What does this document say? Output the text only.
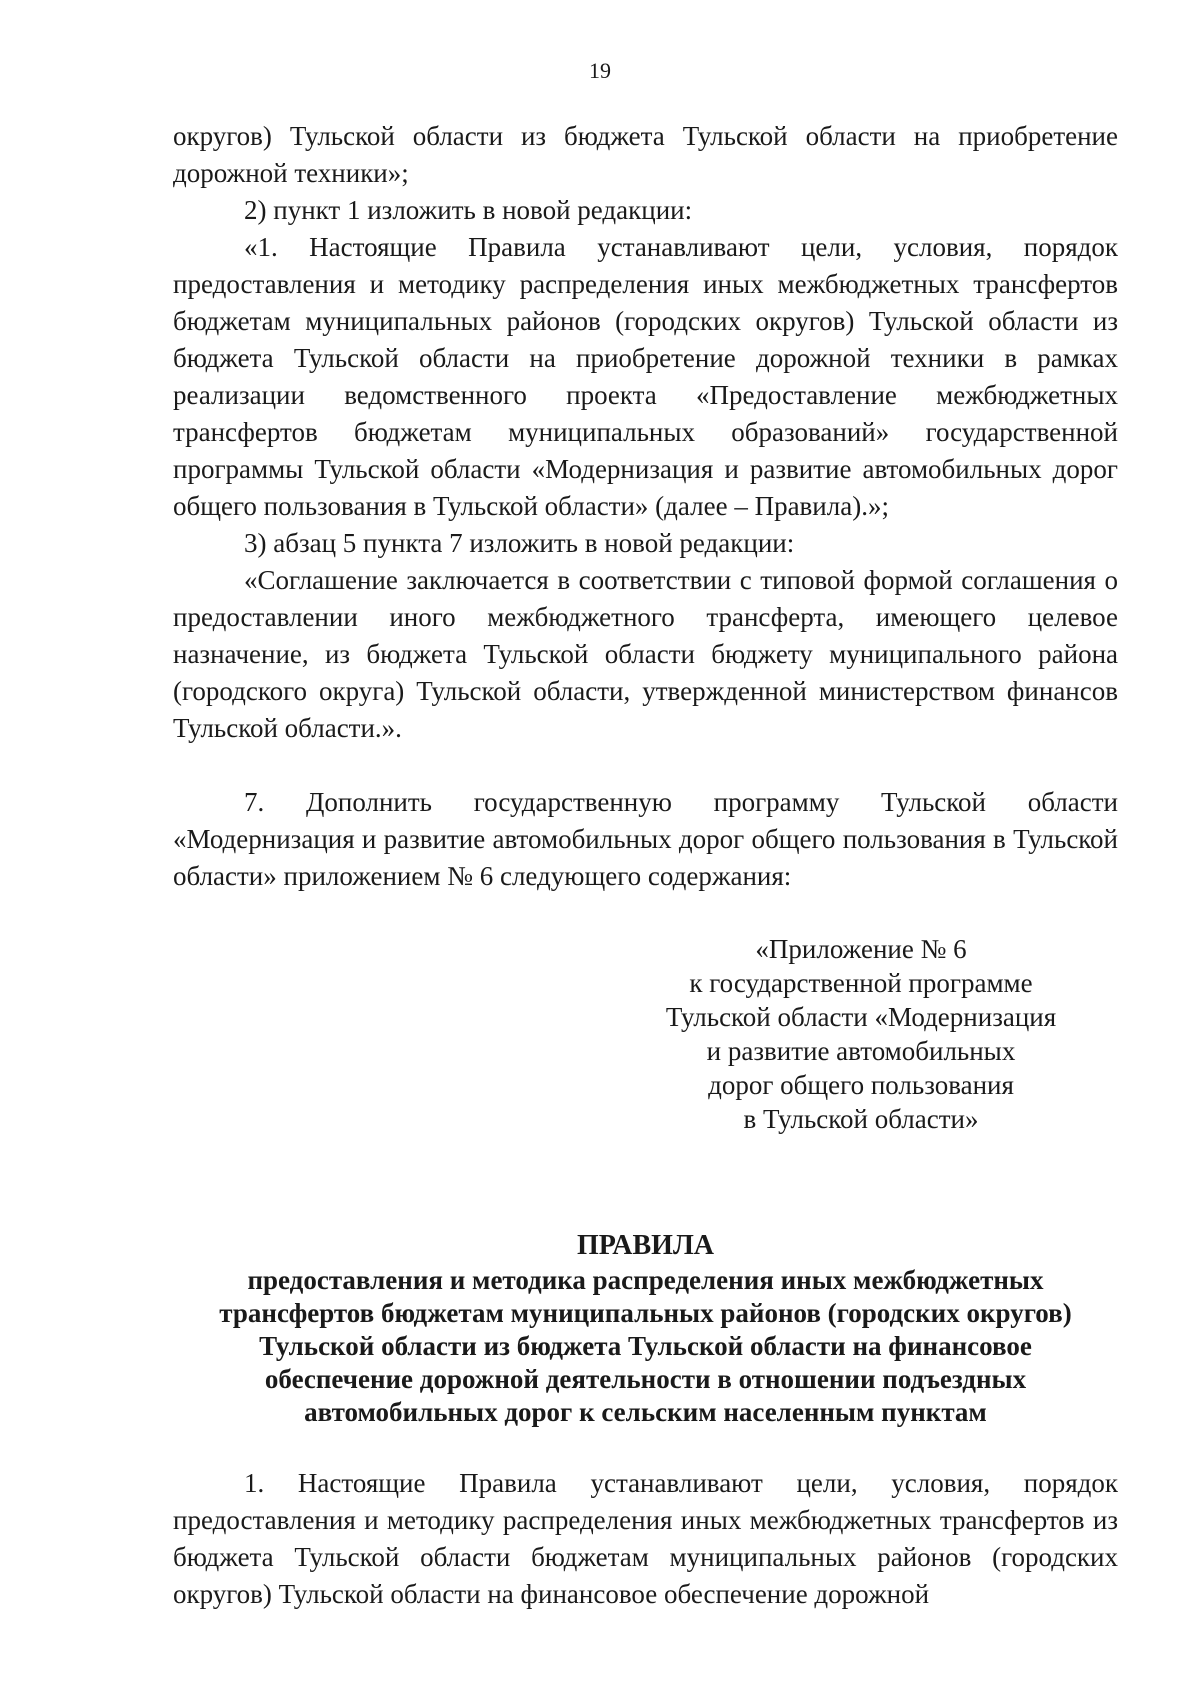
19

округов) Тульской области из бюджета Тульской области на приобретение дорожной техники»;

2) пункт 1 изложить в новой редакции:

«1. Настоящие Правила устанавливают цели, условия, порядок предоставления и методику распределения иных межбюджетных трансфертов бюджетам муниципальных районов (городских округов) Тульской области из бюджета Тульской области на приобретение дорожной техники в рамках реализации ведомственного проекта «Предоставление межбюджетных трансфертов бюджетам муниципальных образований» государственной программы Тульской области «Модернизация и развитие автомобильных дорог общего пользования в Тульской области» (далее – Правила).»;

3) абзац 5 пункта 7 изложить в новой редакции:

«Соглашение заключается в соответствии с типовой формой соглашения о предоставлении иного межбюджетного трансферта, имеющего целевое назначение, из бюджета Тульской области бюджету муниципального района (городского округа) Тульской области, утвержденной министерством финансов Тульской области.».

7. Дополнить государственную программу Тульской области «Модернизация и развитие автомобильных дорог общего пользования в Тульской области» приложением № 6 следующего содержания:

«Приложение № 6
к государственной программе
Тульской области «Модернизация
и развитие автомобильных
дорог общего пользования
в Тульской области»
ПРАВИЛА
предоставления и методика распределения иных межбюджетных
трансфертов бюджетам муниципальных районов (городских округов)
Тульской области из бюджета Тульской области на финансовое
обеспечение дорожной деятельности в отношении подъездных
автомобильных дорог к сельским населенным пунктам

1. Настоящие Правила устанавливают цели, условия, порядок предоставления и методику распределения иных межбюджетных трансфертов из бюджета Тульской области бюджетам муниципальных районов (городских округов) Тульской области на финансовое обеспечение дорожной
